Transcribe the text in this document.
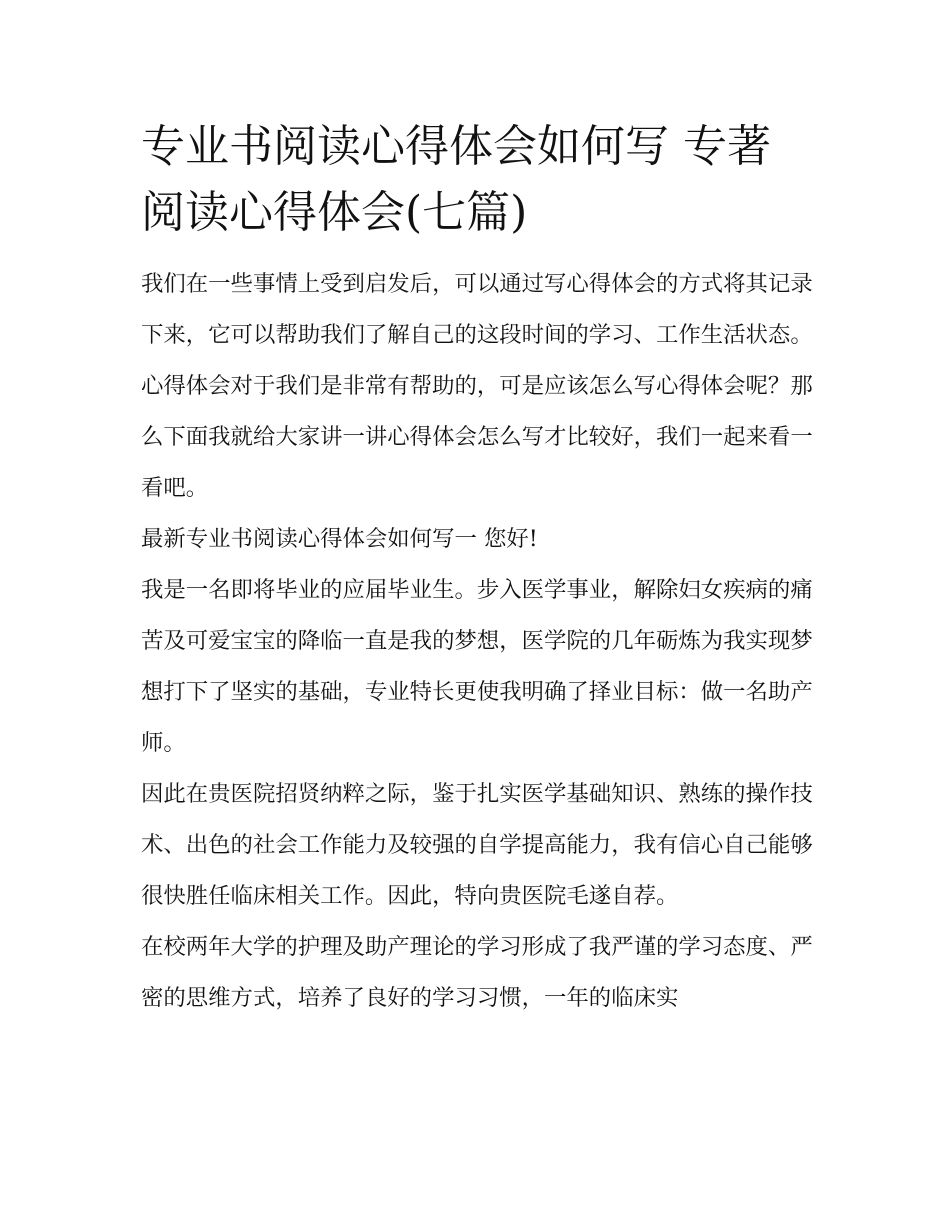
专业书阅读心得体会如何写 专著阅读心得体会(七篇)

我们在一些事情上受到启发后，可以通过写心得体会的方式将其记录下来，它可以帮助我们了解自己的这段时间的学习、工作生活状态。心得体会对于我们是非常有帮助的，可是应该怎么写心得体会呢？那么下面我就给大家讲一讲心得体会怎么写才比较好，我们一起来看一看吧。

最新专业书阅读心得体会如何写一 您好!

我是一名即将毕业的应届毕业生。步入医学事业，解除妇女疾病的痛苦及可爱宝宝的降临一直是我的梦想，医学院的几年砺炼为我实现梦想打下了坚实的基础，专业特长更使我明确了择业目标：做一名助产师。

因此在贵医院招贤纳粹之际，鉴于扎实医学基础知识、熟练的操作技术、出色的社会工作能力及较强的自学提高能力，我有信心自己能够很快胜任临床相关工作。因此，特向贵医院毛遂自荐。

在校两年大学的护理及助产理论的学习形成了我严谨的学习态度、严密的思维方式，培养了良好的学习习惯，一年的临床实
